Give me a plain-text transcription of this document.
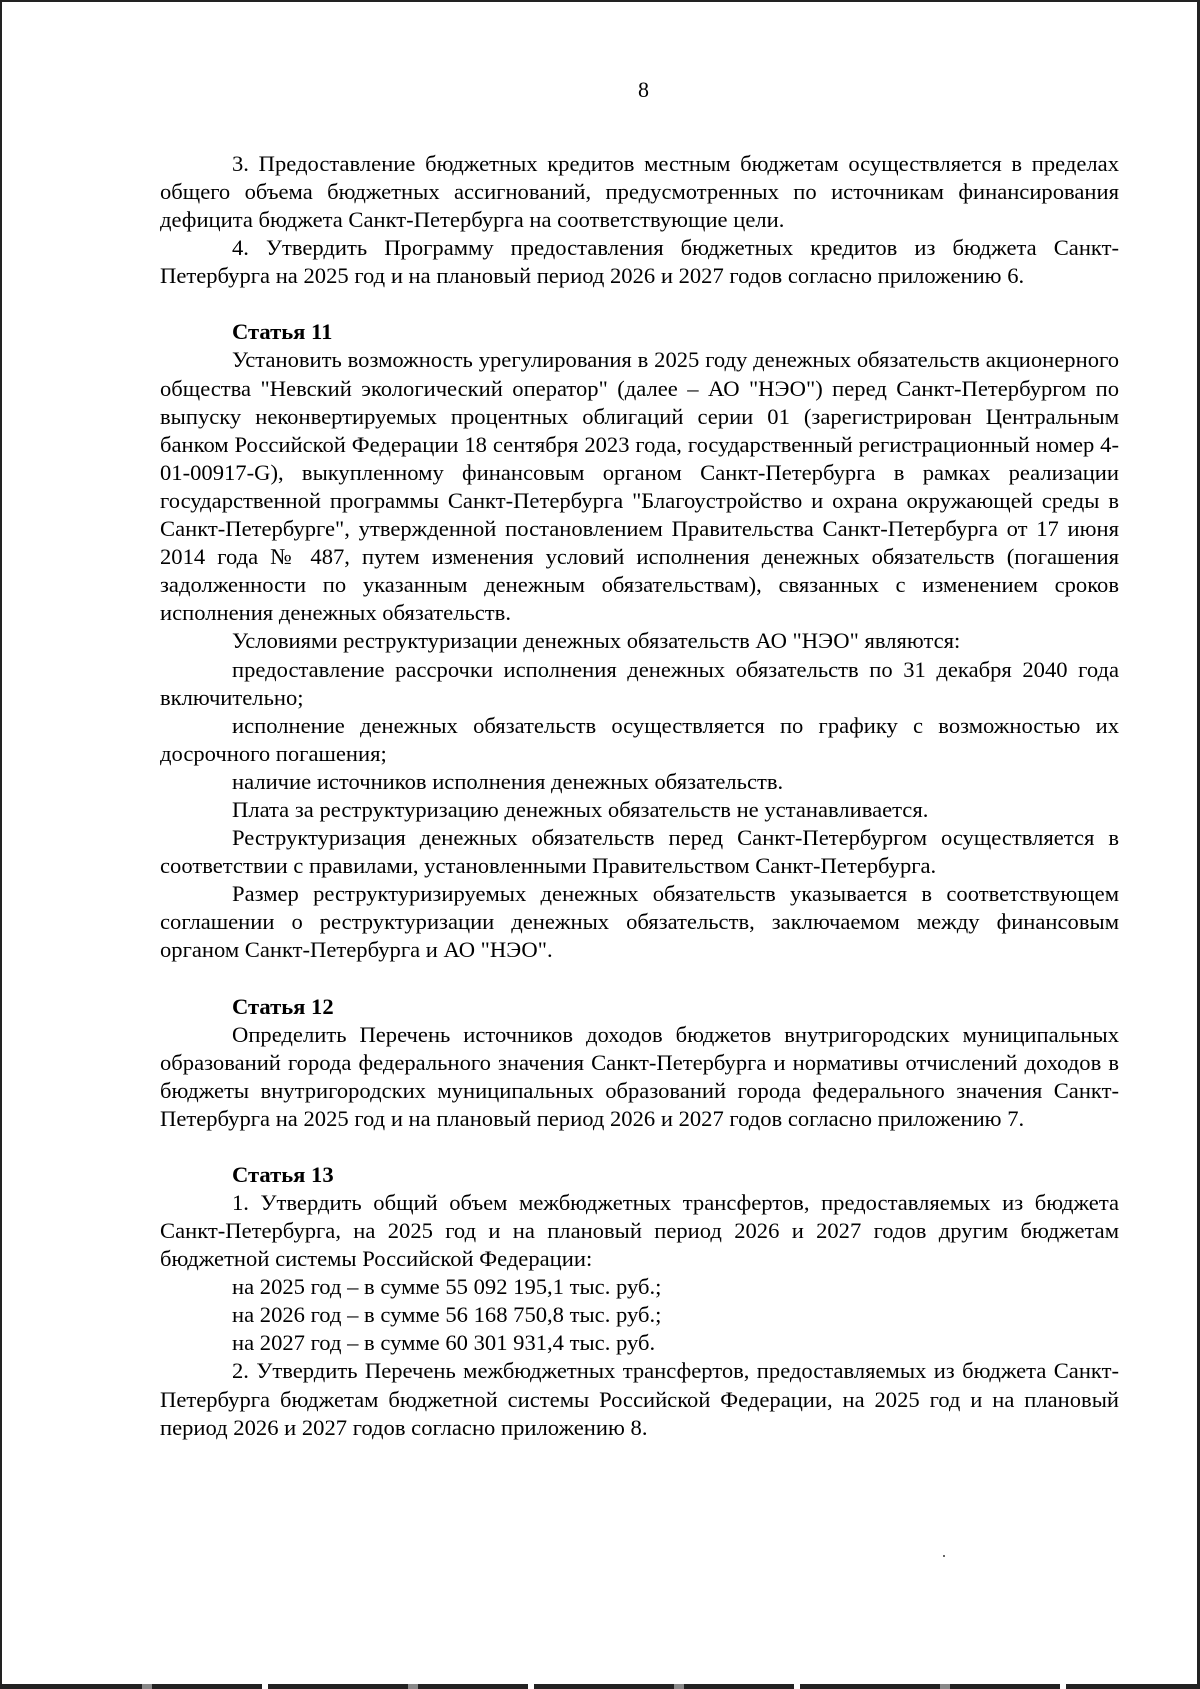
8

3. Предоставление бюджетных кредитов местным бюджетам осуществляется в пределах общего объема бюджетных ассигнований, предусмотренных по источникам финансирования дефицита бюджета Санкт-Петербурга на соответствующие цели.

4. Утвердить Программу предоставления бюджетных кредитов из бюджета Санкт-Петербурга на 2025 год и на плановый период 2026 и 2027 годов согласно приложению 6.

Статья 11

Установить возможность урегулирования в 2025 году денежных обязательств акционерного общества "Невский экологический оператор" (далее – АО "НЭО") перед Санкт-Петербургом по выпуску неконвертируемых процентных облигаций серии 01 (зарегистрирован Центральным банком Российской Федерации 18 сентября 2023 года, государственный регистрационный номер 4-01-00917-G), выкупленному финансовым органом Санкт-Петербурга в рамках реализации государственной программы Санкт-Петербурга "Благоустройство и охрана окружающей среды в Санкт-Петербурге", утвержденной постановлением Правительства Санкт-Петербурга от 17 июня 2014 года № 487, путем изменения условий исполнения денежных обязательств (погашения задолженности по указанным денежным обязательствам), связанных с изменением сроков исполнения денежных обязательств.

Условиями реструктуризации денежных обязательств АО "НЭО" являются:

предоставление рассрочки исполнения денежных обязательств по 31 декабря 2040 года включительно;

исполнение денежных обязательств осуществляется по графику с возможностью их досрочного погашения;

наличие источников исполнения денежных обязательств.

Плата за реструктуризацию денежных обязательств не устанавливается.

Реструктуризация денежных обязательств перед Санкт-Петербургом осуществляется в соответствии с правилами, установленными Правительством Санкт-Петербурга.

Размер реструктуризируемых денежных обязательств указывается в соответствующем соглашении о реструктуризации денежных обязательств, заключаемом между финансовым органом Санкт-Петербурга и АО "НЭО".

Статья 12

Определить Перечень источников доходов бюджетов внутригородских муниципальных образований города федерального значения Санкт-Петербурга и нормативы отчислений доходов в бюджеты внутригородских муниципальных образований города федерального значения Санкт-Петербурга на 2025 год и на плановый период 2026 и 2027 годов согласно приложению 7.

Статья 13

1. Утвердить общий объем межбюджетных трансфертов, предоставляемых из бюджета Санкт-Петербурга, на 2025 год и на плановый период 2026 и 2027 годов другим бюджетам бюджетной системы Российской Федерации:

на 2025 год – в сумме 55 092 195,1 тыс. руб.;

на 2026 год – в сумме 56 168 750,8 тыс. руб.;

на 2027 год – в сумме 60 301 931,4 тыс. руб.

2. Утвердить Перечень межбюджетных трансфертов, предоставляемых из бюджета Санкт-Петербурга бюджетам бюджетной системы Российской Федерации, на 2025 год и на плановый период 2026 и 2027 годов согласно приложению 8.
